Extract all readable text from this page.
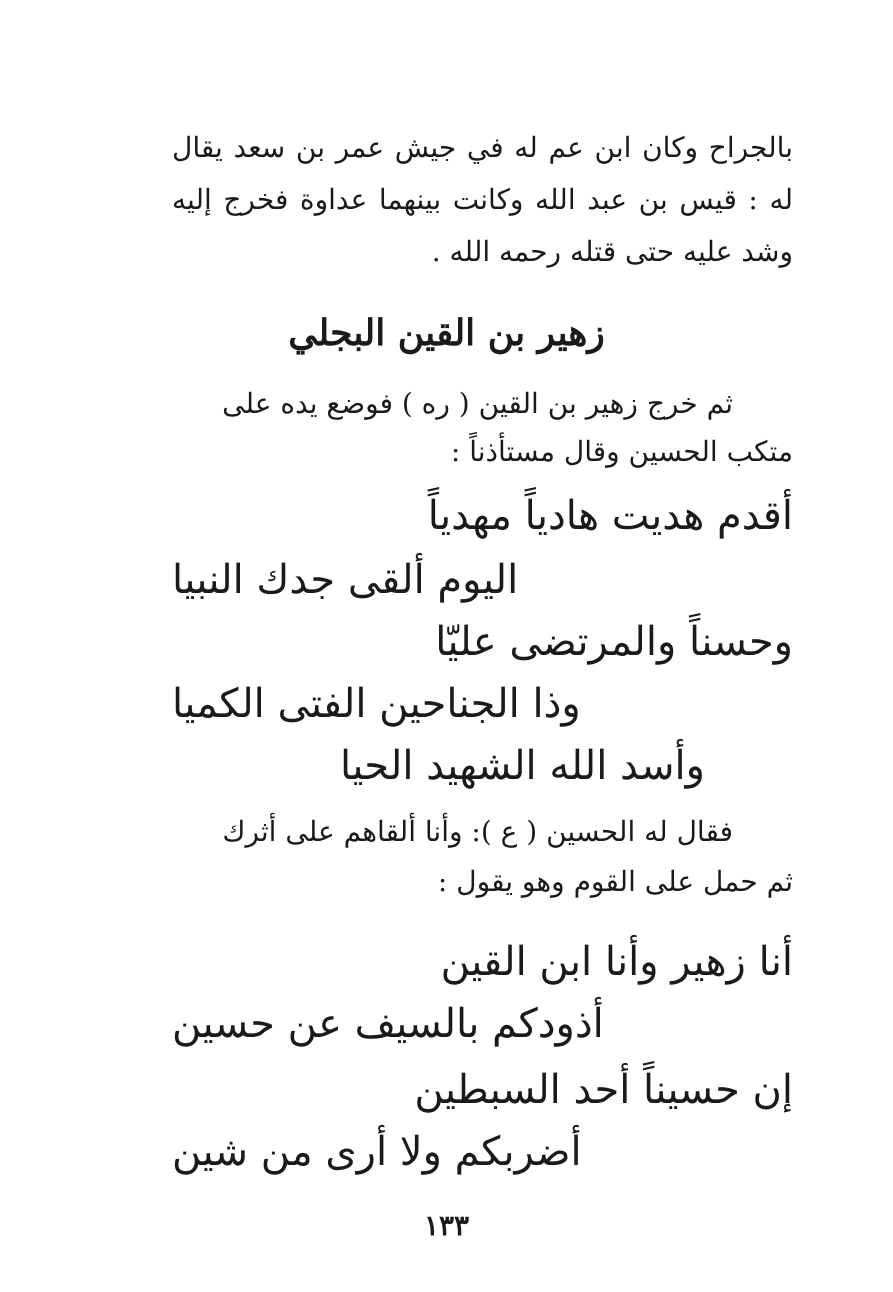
بالجراح وكان ابن عم له في جيش عمر بن سعد يقال
له : قيس بن عبد الله وكانت بينهما عداوة فخرج إليه
وشد عليه حتى قتله رحمه الله .
زهير بن القين البجلي
ثم خرج زهير بن القين ( ره ) فوضع يده على
متكب الحسين وقال مستأذناً :
أقدم هديت هادياً مهدياً
اليوم ألقى جدك النبيا
وحسناً والمرتضى عليّا
وذا الجناحين الفتى الكميا
وأسد الله الشهيد الحيا
فقال له الحسين ( ع ): وأنا ألقاهم على أثرك
ثم حمل على القوم وهو يقول :
أنا زهير وأنا ابن القين
أذودكم بالسيف عن حسين
إن حسيناً أحد السبطين
أضربكم ولا أرى من شين
١٣٣
